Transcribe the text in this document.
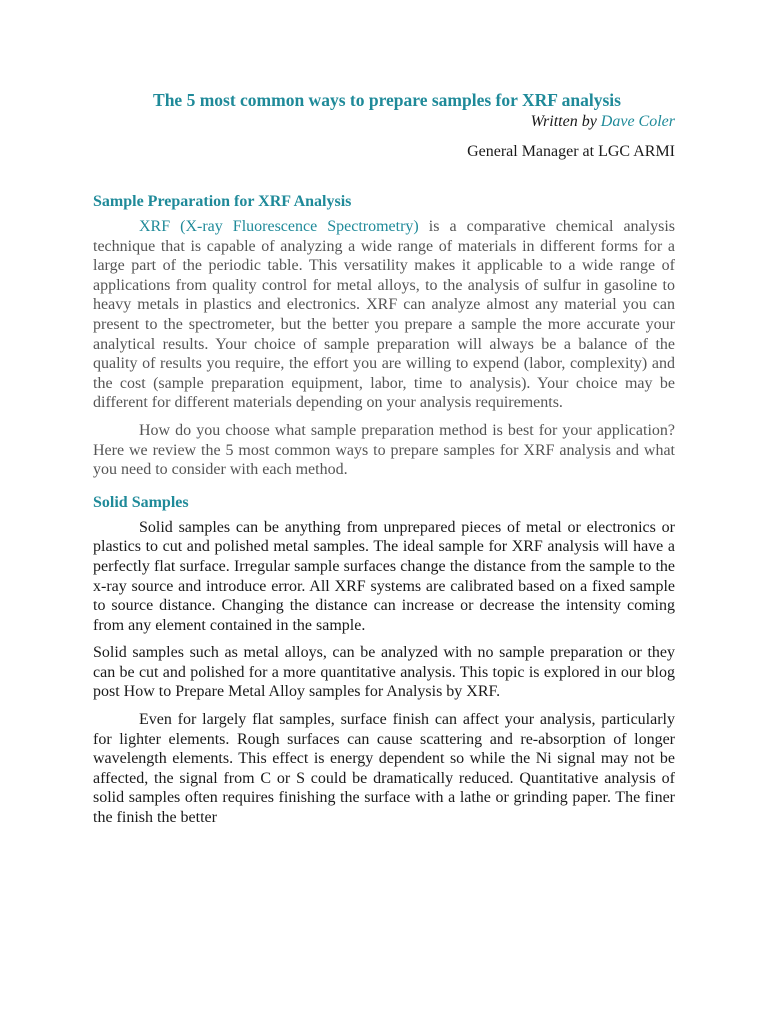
The 5 most common ways to prepare samples for XRF analysis

Written by Dave Coler

General Manager at LGC ARMI

Sample Preparation for XRF Analysis

XRF (X-ray Fluorescence Spectrometry) is a comparative chemical analysis technique that is capable of analyzing a wide range of materials in different forms for a large part of the periodic table. This versatility makes it applicable to a wide range of applications from quality control for metal alloys, to the analysis of sulfur in gasoline to heavy metals in plastics and electronics. XRF can analyze almost any material you can present to the spectrometer, but the better you prepare a sample the more accurate your analytical results. Your choice of sample preparation will always be a balance of the quality of results you require, the effort you are willing to expend (labor, complexity) and the cost (sample preparation equipment, labor, time to analysis). Your choice may be different for different materials depending on your analysis requirements.

How do you choose what sample preparation method is best for your application? Here we review the 5 most common ways to prepare samples for XRF analysis and what you need to consider with each method.

Solid Samples

Solid samples can be anything from unprepared pieces of metal or electronics or plastics to cut and polished metal samples. The ideal sample for XRF analysis will have a perfectly flat surface. Irregular sample surfaces change the distance from the sample to the x-ray source and introduce error. All XRF systems are calibrated based on a fixed sample to source distance. Changing the distance can increase or decrease the intensity coming from any element contained in the sample.

Solid samples such as metal alloys, can be analyzed with no sample preparation or they can be cut and polished for a more quantitative analysis. This topic is explored in our blog post How to Prepare Metal Alloy samples for Analysis by XRF.

Even for largely flat samples, surface finish can affect your analysis, particularly for lighter elements. Rough surfaces can cause scattering and re-absorption of longer wavelength elements. This effect is energy dependent so while the Ni signal may not be affected, the signal from C or S could be dramatically reduced. Quantitative analysis of solid samples often requires finishing the surface with a lathe or grinding paper. The finer the finish the better
